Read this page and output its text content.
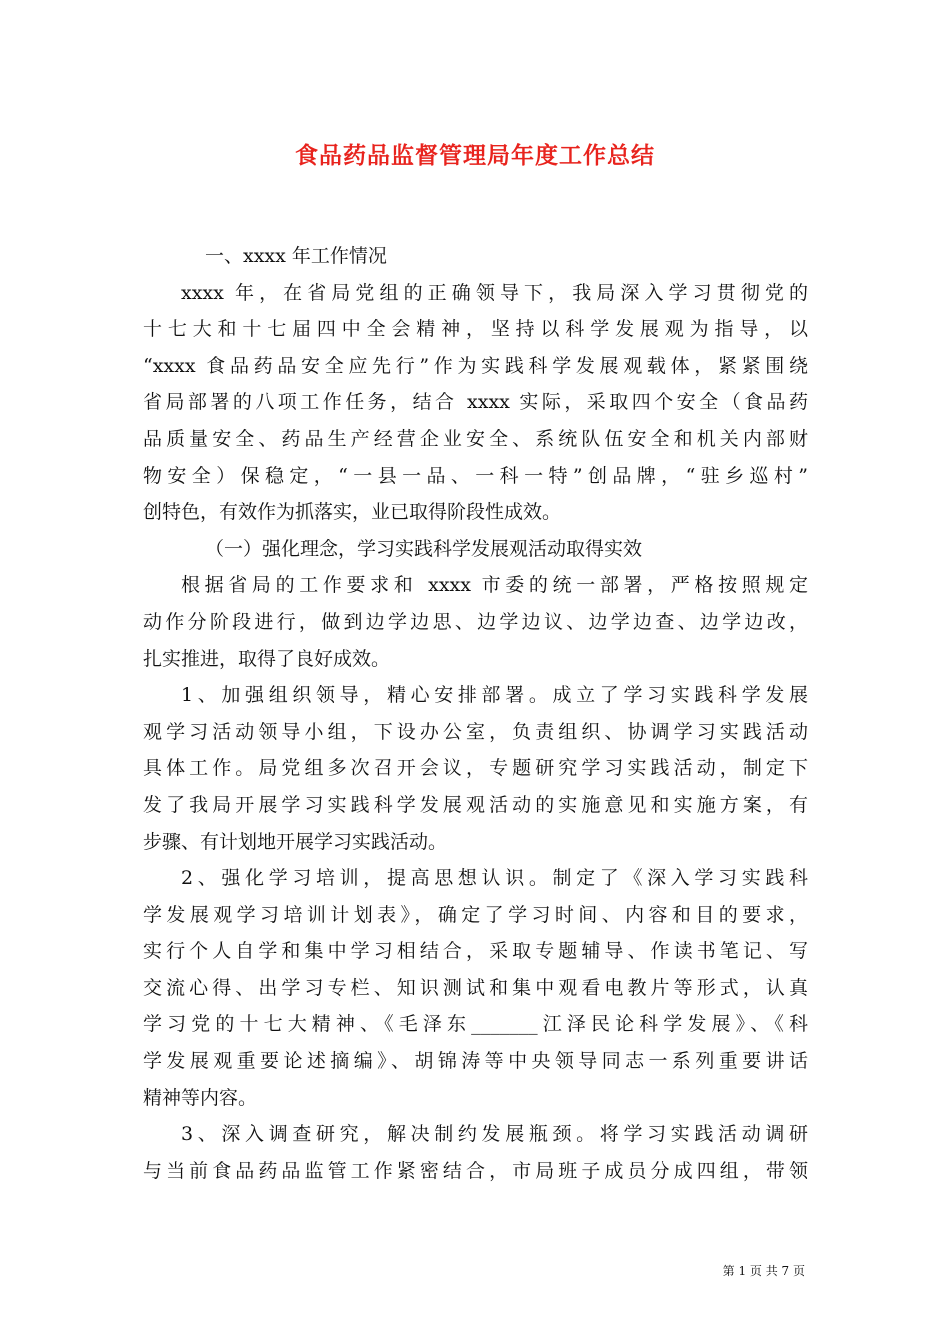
食品药品监督管理局年度工作总结
一、xxxx 年工作情况
xxxx 年，在省局党组的正确领导下，我局深入学习贯彻党的
十七大和十七届四中全会精神，坚持以科学发展观为指导，以
“xxxx 食品药品安全应先行”作为实践科学发展观载体，紧紧围绕
省局部署的八项工作任务，结合 xxxx 实际，采取四个安全（食品药
品质量安全、药品生产经营企业安全、系统队伍安全和机关内部财
物安全）保稳定，“一县一品、一科一特”创品牌，“驻乡巡村”
创特色，有效作为抓落实，业已取得阶段性成效。
（一）强化理念，学习实践科学发展观活动取得实效
根据省局的工作要求和 xxxx 市委的统一部署，严格按照规定
动作分阶段进行，做到边学边思、边学边议、边学边查、边学边改，
扎实推进，取得了良好成效。
1、加强组织领导，精心安排部署。成立了学习实践科学发展
观学习活动领导小组，下设办公室，负责组织、协调学习实践活动
具体工作。局党组多次召开会议，专题研究学习实践活动，制定下
发了我局开展学习实践科学发展观活动的实施意见和实施方案，有
步骤、有计划地开展学习实践活动。
2、强化学习培训，提高思想认识。制定了《深入学习实践科
学发展观学习培训计划表》，确定了学习时间、内容和目的要求，
实行个人自学和集中学习相结合，采取专题辅导、作读书笔记、写
交流心得、出学习专栏、知识测试和集中观看电教片等形式，认真
学习党的十七大精神、《毛泽东_______江泽民论科学发展》、《科
学发展观重要论述摘编》、胡锦涛等中央领导同志一系列重要讲话
精神等内容。
3、深入调查研究，解决制约发展瓶颈。将学习实践活动调研
与当前食品药品监管工作紧密结合，市局班子成员分成四组，带领
第 1 页 共 7 页
